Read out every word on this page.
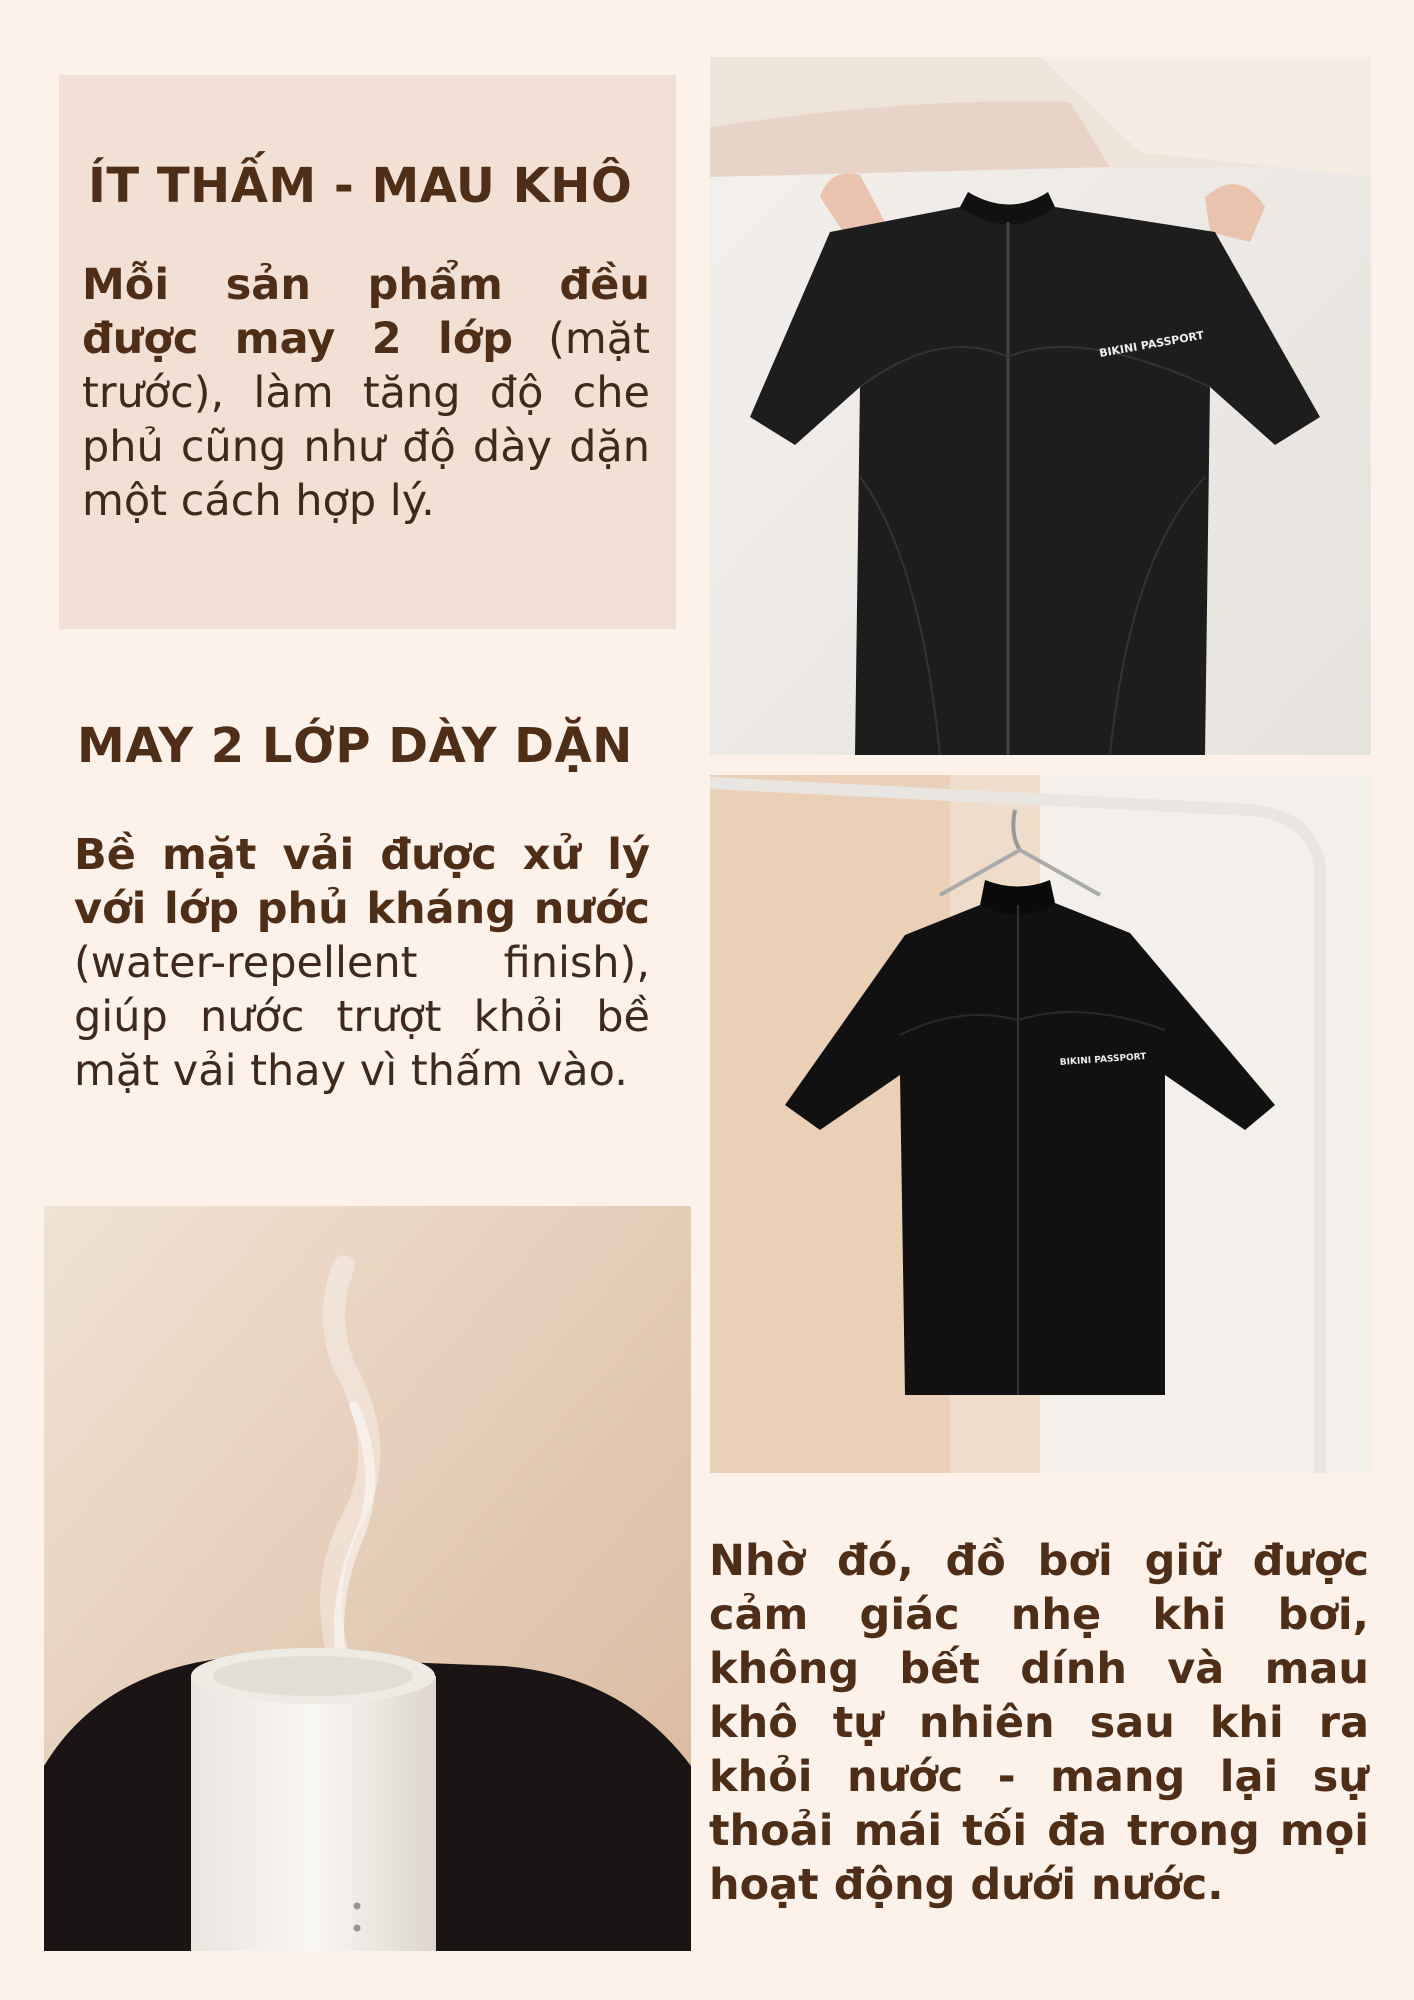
ÍT THẤM - MAU KHÔ

Mỗi sản phẩm đều được may 2 lớp (mặt trước), làm tăng độ che phủ cũng như độ dày dặn một cách hợp lý.

MAY 2 LỚP DÀY DẶN

Bề mặt vải được xử lý với lớp phủ kháng nước (water-repellent finish), giúp nước trượt khỏi bề mặt vải thay vì thấm vào.

Nhờ đó, đồ bơi giữ được cảm giác nhẹ khi bơi, không bết dính và mau khô tự nhiên sau khi ra khỏi nước - mang lại sự thoải mái tối đa trong mọi hoạt động dưới nước.

BIKINI PASSPORT
BIKINI PASSPORT
